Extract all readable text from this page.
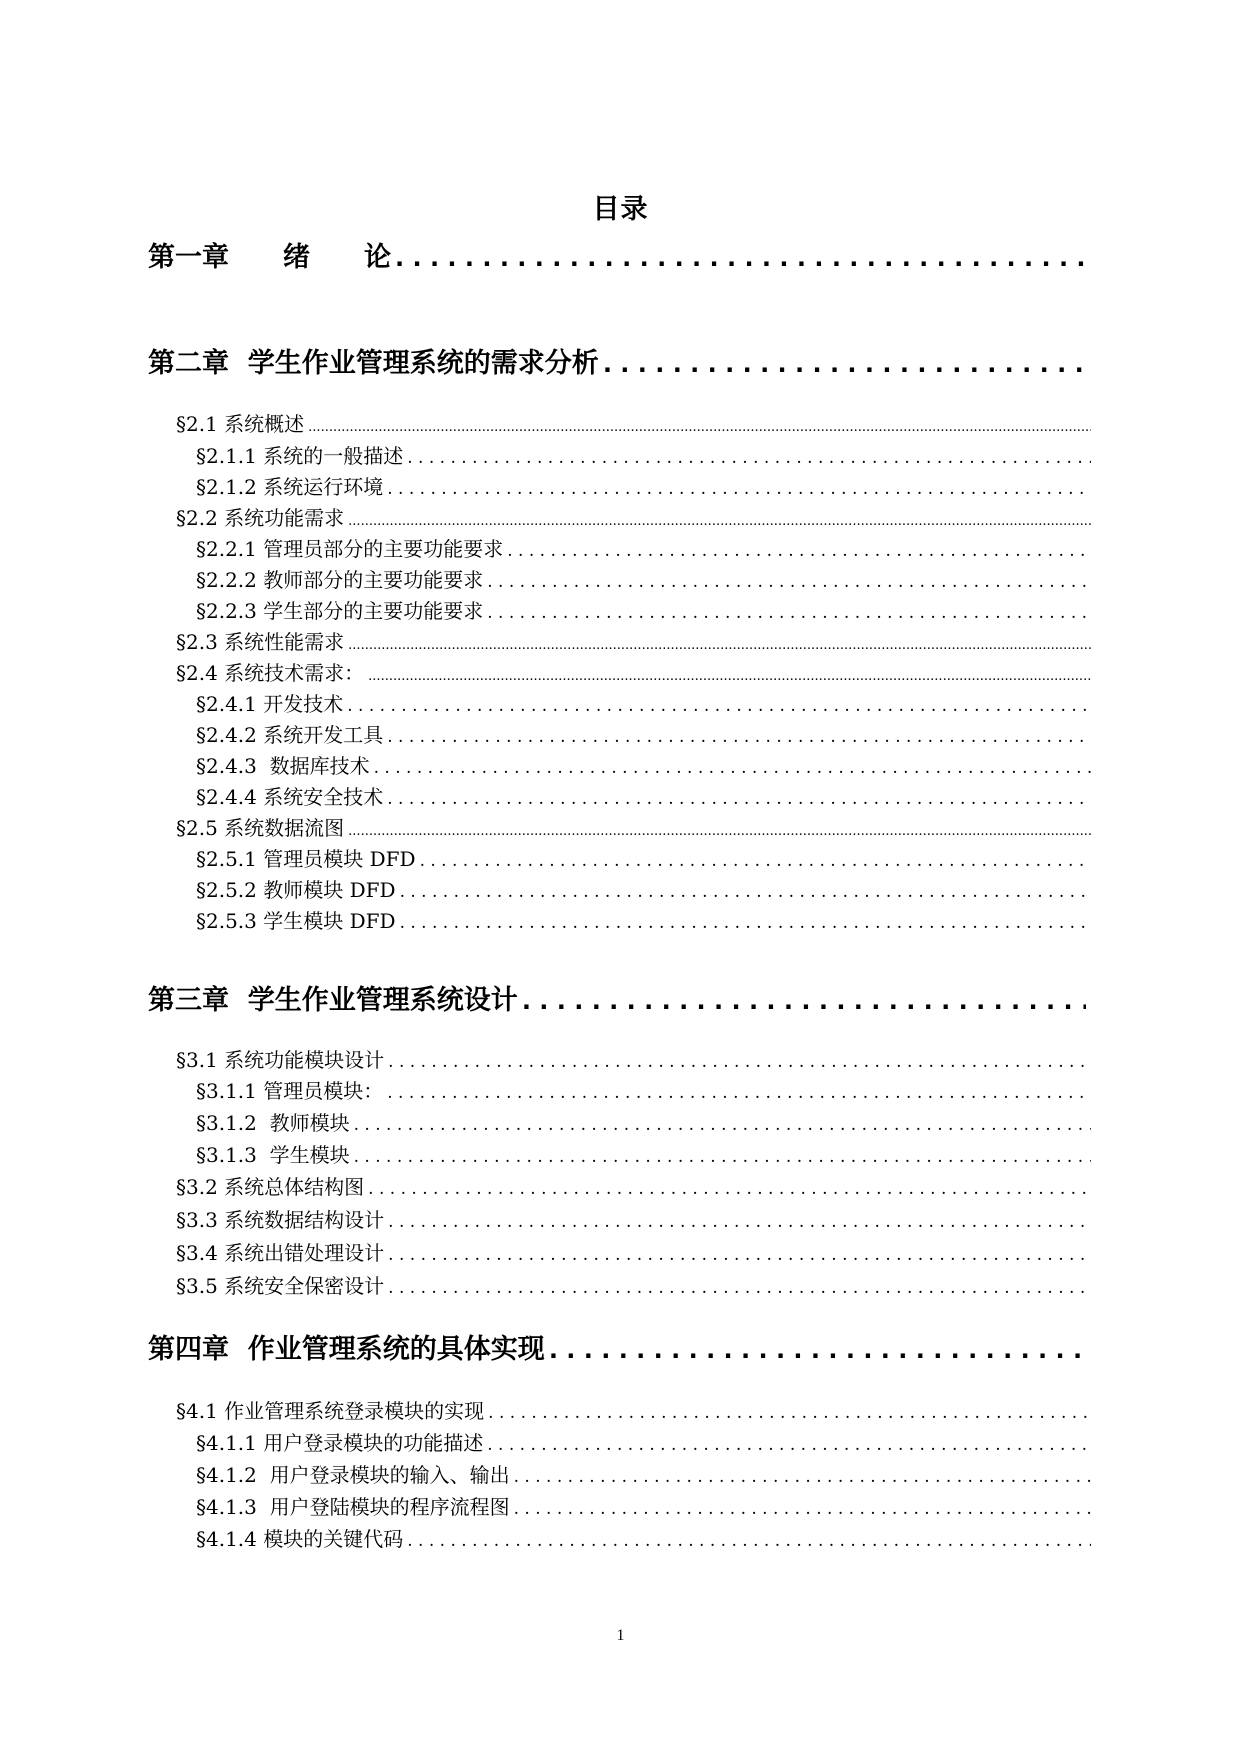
目录
第一章　　绪　　论
. . .
第二章  学生作业管理系统的需求分析
. . .
§2.1 系统概述
.....
§2.1.1 系统的一般描述
. . .
§2.1.2 系统运行环境
. . .
§2.2 系统功能需求
.....
§2.2.1 管理员部分的主要功能要求
. . .
§2.2.2 教师部分的主要功能要求
. . .
§2.2.3 学生部分的主要功能要求
. . .
§2.3 系统性能需求
.....
§2.4 系统技术需求：
.....
§2.4.1 开发技术
. . .
§2.4.2 系统开发工具
. . .
§2.4.3  数据库技术
. . .
§2.4.4 系统安全技术
. . .
§2.5 系统数据流图
.....
§2.5.1 管理员模块 DFD
. . .
§2.5.2 教师模块 DFD
. . .
§2.5.3 学生模块 DFD
. . .
第三章  学生作业管理系统设计
. . .
§3.1 系统功能模块设计
. . .
§3.1.1 管理员模块：
. . .
§3.1.2  教师模块
. . .
§3.1.3  学生模块
. . .
§3.2 系统总体结构图
. . .
§3.3 系统数据结构设计
. . .
§3.4 系统出错处理设计
. . .
§3.5 系统安全保密设计
. . .
第四章  作业管理系统的具体实现
. . .
§4.1 作业管理系统登录模块的实现
. . .
§4.1.1 用户登录模块的功能描述
. . .
§4.1.2  用户登录模块的输入、输出
. . .
§4.1.3  用户登陆模块的程序流程图
. . .
§4.1.4 模块的关键代码
. . .
1
